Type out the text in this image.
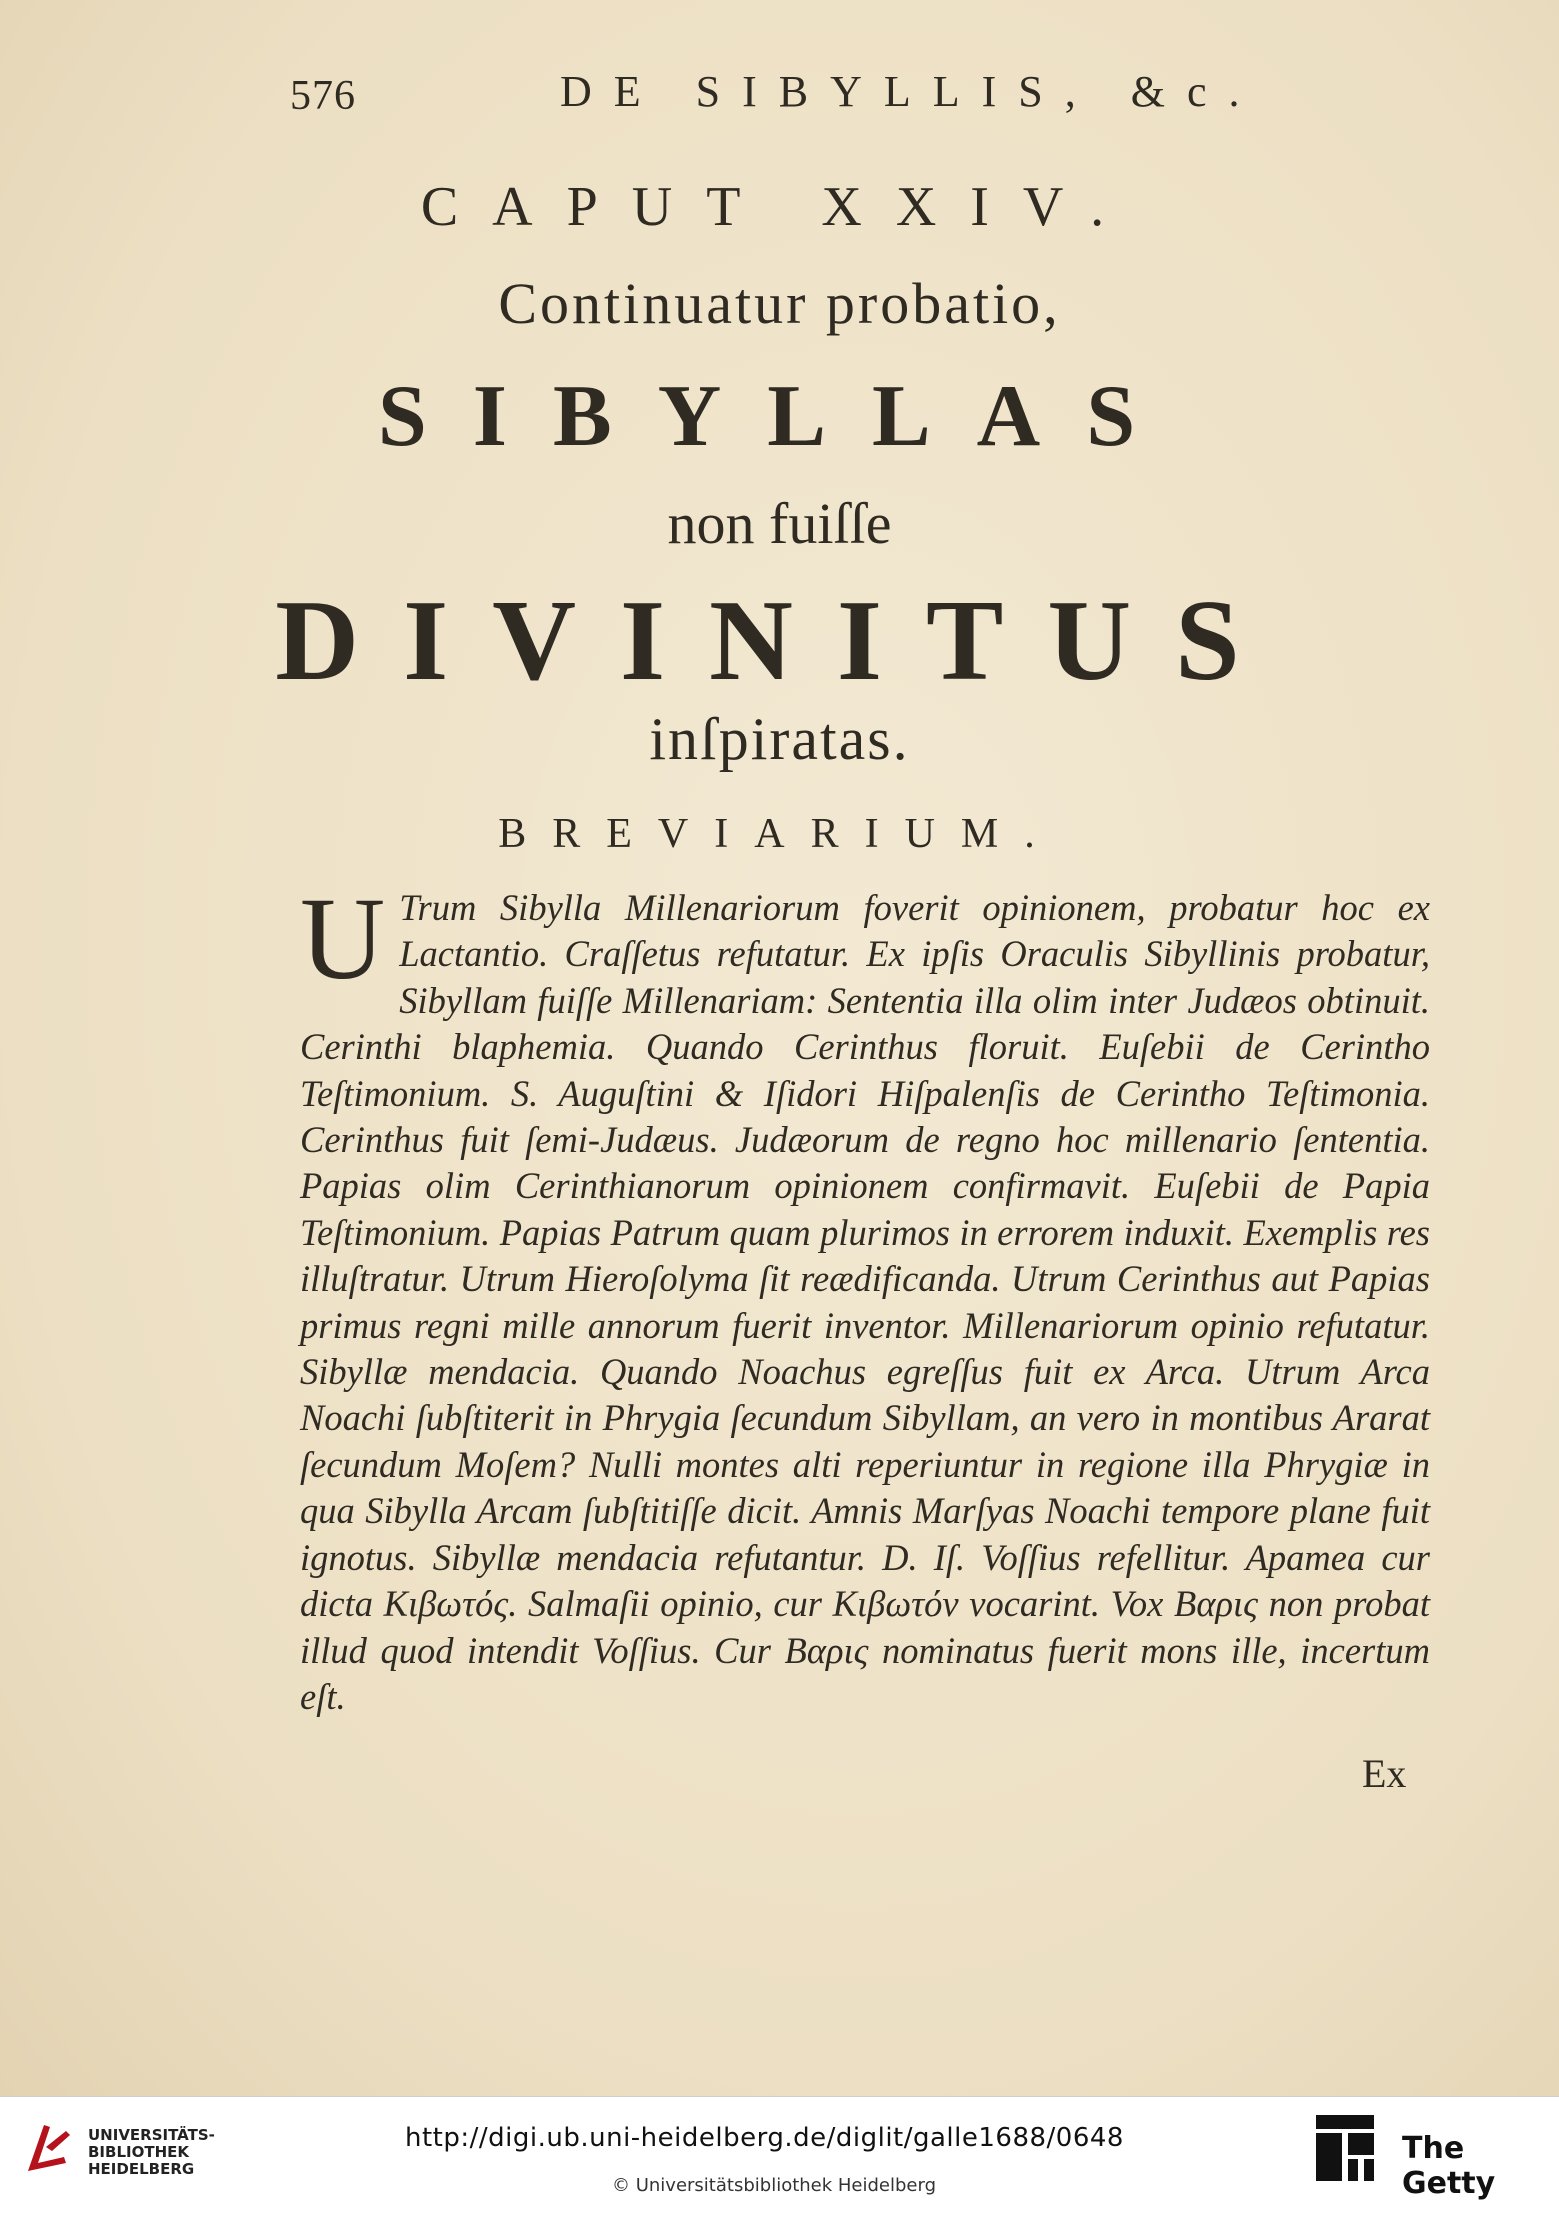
576	DE SIBYLLIS, &c.
CAPUT XXIV.
Continuatur probatio,
SIBYLLAS
non fuiſſe
DIVINITUS
inſpiratas.
BREVIARIUM.
U Trum Sibylla Millenariorum foverit opinionem, probatur hoc ex Lactantio. Craſſetus refutatur. Ex ipſis Oraculis Sibyllinis probatur, Sibyllam fuiſſe Millenariam: Sententia illa olim inter Judæos obtinuit. Cerinthi blaphemia. Quando Cerinthus floruit. Euſebii de Cerintho Teſtimonium. S. Auguſtini & Iſidori Hiſpalenſis de Cerintho Teſtimonia. Cerinthus fuit ſemi-Judæus. Judæorum de regno hoc millenario ſententia. Papias olim Cerinthianorum opinionem confirmavit. Euſebii de Papia Teſtimonium. Papias Patrum quam plurimos in errorem induxit. Exemplis res illuſtratur. Utrum Hieroſolyma ſit reædificanda. Utrum Cerinthus aut Papias primus regni mille annorum fuerit inventor. Millenariorum opinio refutatur. Sibyllæ mendacia. Quando Noachus egreſſus fuit ex Arca. Utrum Arca Noachi ſubſtiterit in Phrygia ſecundum Sibyllam, an vero in montibus Ararat ſecundum Moſem? Nulli montes alti reperiuntur in regione illa Phrygiæ in qua Sibylla Arcam ſubſtitiſſe dicit. Amnis Marſyas Noachi tempore plane fuit ignotus. Sibyllæ mendacia refutantur. D. Iſ. Voſſius refellitur. Apamea cur dicta Κιβωτός. Salmaſii opinio, cur Κιβωτόν vocarint. Vox Βαρις non probat illud quod intendit Voſſius. Cur Βαρις nominatus fuerit mons ille, incertum eſt.
Ex
UNIVERSITÄTS-
BIBLIOTHEK
HEIDELBERG
http://digi.ub.uni-heidelberg.de/diglit/galle1688/0648
© Universitätsbibliothek Heidelberg
The Getty
